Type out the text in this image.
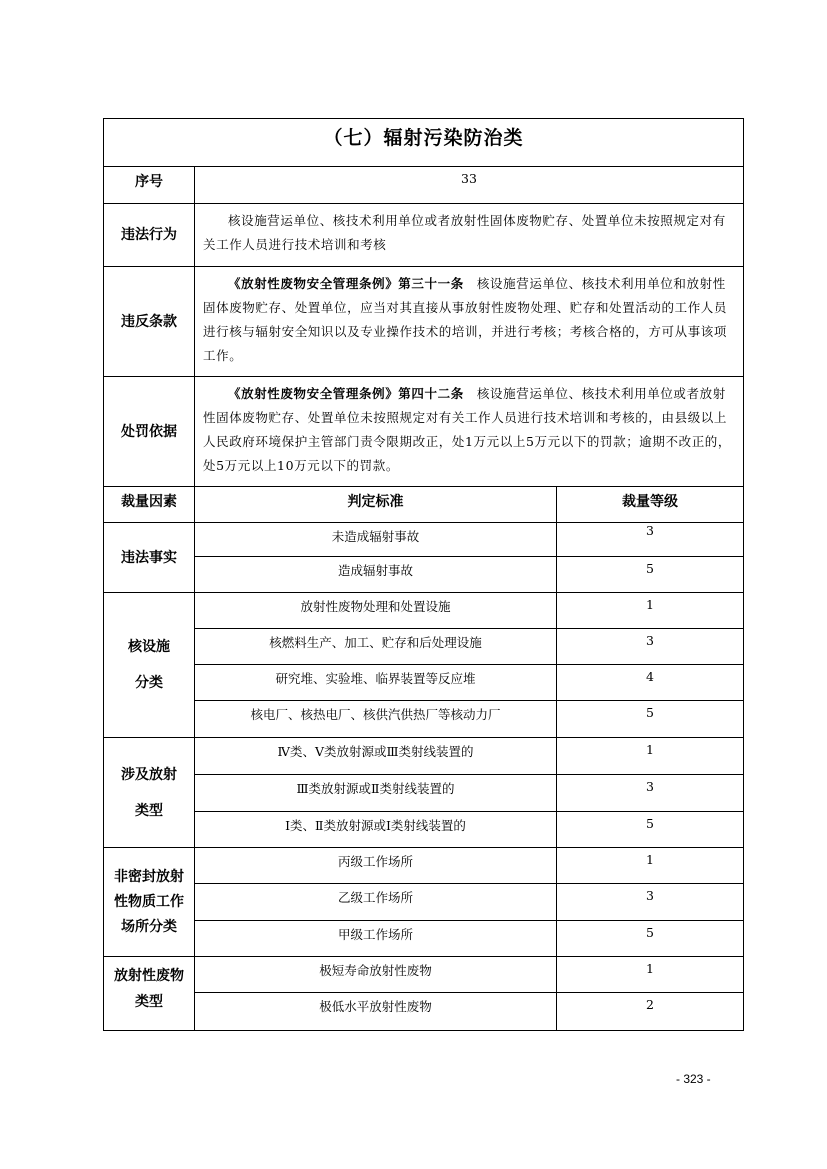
（七）辐射污染防治类		
序号	33	
违法行为	核设施营运单位、核技术利用单位或者放射性固体废物贮存、处置单位未按照规定对有关工作人员进行技术培训和考核	
违反条款	《放射性废物安全管理条例》第三十一条　核设施营运单位、核技术利用单位和放射性固体废物贮存、处置单位，应当对其直接从事放射性废物处理、贮存和处置活动的工作人员进行核与辐射安全知识以及专业操作技术的培训，并进行考核；考核合格的，方可从事该项工作。	
处罚依据	《放射性废物安全管理条例》第四十二条　核设施营运单位、核技术利用单位或者放射性固体废物贮存、处置单位未按照规定对有关工作人员进行技术培训和考核的，由县级以上人民政府环境保护主管部门责令限期改正，处1万元以上5万元以下的罚款；逾期不改正的，处5万元以上10万元以下的罚款。	
裁量因素	判定标准	裁量等级
违法事实	未造成辐射事故	3
	造成辐射事故	5

核设施
分类	放射性废物处理和处置设施	1
	核燃料生产、加工、贮存和后处理设施	3
	研究堆、实验堆、临界装置等反应堆	4
	核电厂、核热电厂、核供汽供热厂等核动力厂	5

涉及放射
类型	Ⅳ类、Ⅴ类放射源或Ⅲ类射线装置的	1
	Ⅲ类放射源或Ⅱ类射线装置的	3
	Ⅰ类、Ⅱ类放射源或Ⅰ类射线装置的	5

非密封放射
性物质工作
场所分类	丙级工作场所	1
	乙级工作场所	3
	甲级工作场所	5

放射性废物
类型	极短寿命放射性废物	1
	极低水平放射性废物	2
- 323 -
